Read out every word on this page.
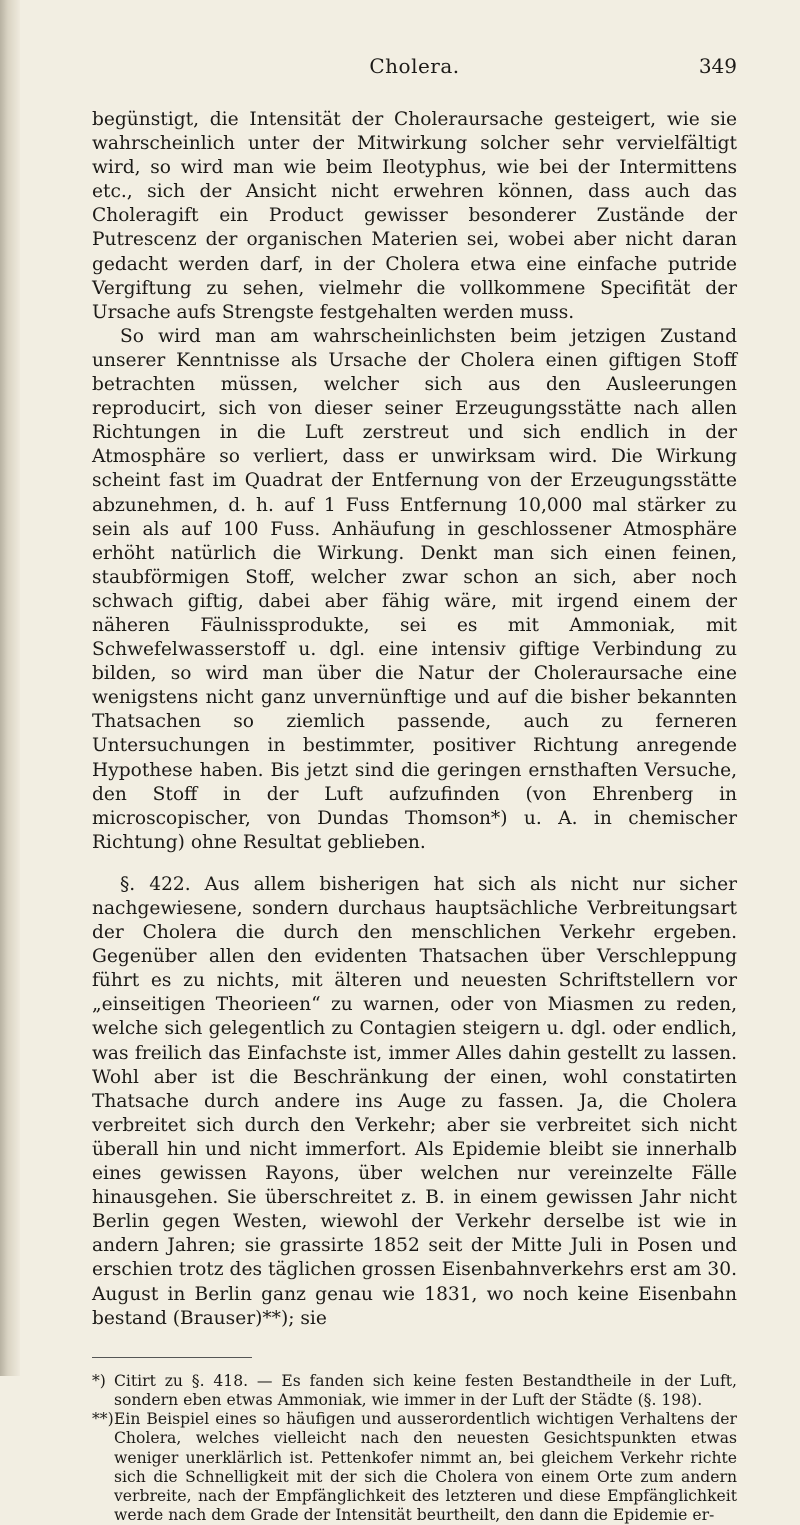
Cholera.	349

begünstigt, die Intensität der Choleraursache gesteigert, wie sie wahrscheinlich unter der Mitwirkung solcher sehr vervielfältigt wird, so wird man wie beim Ileotyphus, wie bei der Intermittens etc., sich der Ansicht nicht erwehren können, dass auch das Choleragift ein Product gewisser besonderer Zustände der Putrescenz der organischen Materien sei, wobei aber nicht daran gedacht werden darf, in der Cholera etwa eine einfache putride Vergiftung zu sehen, vielmehr die vollkommene Specifität der Ursache aufs Strengste festgehalten werden muss.

So wird man am wahrscheinlichsten beim jetzigen Zustand unserer Kenntnisse als Ursache der Cholera einen giftigen Stoff betrachten müssen, welcher sich aus den Ausleerungen reproducirt, sich von dieser seiner Erzeugungsstätte nach allen Richtungen in die Luft zerstreut und sich endlich in der Atmosphäre so verliert, dass er unwirksam wird. Die Wirkung scheint fast im Quadrat der Entfernung von der Erzeugungsstätte abzunehmen, d. h. auf 1 Fuss Entfernung 10,000 mal stärker zu sein als auf 100 Fuss. Anhäufung in geschlossener Atmosphäre erhöht natürlich die Wirkung. Denkt man sich einen feinen, staubförmigen Stoff, welcher zwar schon an sich, aber noch schwach giftig, dabei aber fähig wäre, mit irgend einem der näheren Fäulnissprodukte, sei es mit Ammoniak, mit Schwefelwasserstoff u. dgl. eine intensiv giftige Verbindung zu bilden, so wird man über die Natur der Choleraursache eine wenigstens nicht ganz unvernünftige und auf die bisher bekannten Thatsachen so ziemlich passende, auch zu ferneren Untersuchungen in bestimmter, positiver Richtung anregende Hypothese haben. Bis jetzt sind die geringen ernsthaften Versuche, den Stoff in der Luft aufzufinden (von Ehrenberg in microscopischer, von Dundas Thomson*) u. A. in chemischer Richtung) ohne Resultat geblieben.

§. 422. Aus allem bisherigen hat sich als nicht nur sicher nachgewiesene, sondern durchaus hauptsächliche Verbreitungsart der Cholera die durch den menschlichen Verkehr ergeben. Gegenüber allen den evidenten Thatsachen über Verschleppung führt es zu nichts, mit älteren und neuesten Schriftstellern vor „einseitigen Theorieen“ zu warnen, oder von Miasmen zu reden, welche sich gelegentlich zu Contagien steigern u. dgl. oder endlich, was freilich das Einfachste ist, immer Alles dahin gestellt zu lassen. Wohl aber ist die Beschränkung der einen, wohl constatirten Thatsache durch andere ins Auge zu fassen. Ja, die Cholera verbreitet sich durch den Verkehr; aber sie verbreitet sich nicht überall hin und nicht immerfort. Als Epidemie bleibt sie innerhalb eines gewissen Rayons, über welchen nur vereinzelte Fälle hinausgehen. Sie überschreitet z. B. in einem gewissen Jahr nicht Berlin gegen Westen, wiewohl der Verkehr derselbe ist wie in andern Jahren; sie grassirte 1852 seit der Mitte Juli in Posen und erschien trotz des täglichen grossen Eisenbahnverkehrs erst am 30. August in Berlin ganz genau wie 1831, wo noch keine Eisenbahn bestand (Brauser)**); sie

*) Citirt zu §. 418. — Es fanden sich keine festen Bestandtheile in der Luft, sondern eben etwas Ammoniak, wie immer in der Luft der Städte (§. 198).
**) Ein Beispiel eines so häufigen und ausserordentlich wichtigen Verhaltens der Cholera, welches vielleicht nach den neuesten Gesichtspunkten etwas weniger unerklärlich ist. Pettenkofer nimmt an, bei gleichem Verkehr richte sich die Schnelligkeit mit der sich die Cholera von einem Orte zum andern verbreite, nach der Empfänglichkeit des letzteren und diese Empfänglichkeit werde nach dem Grade der Intensität beurtheilt, den dann die Epidemie er-
